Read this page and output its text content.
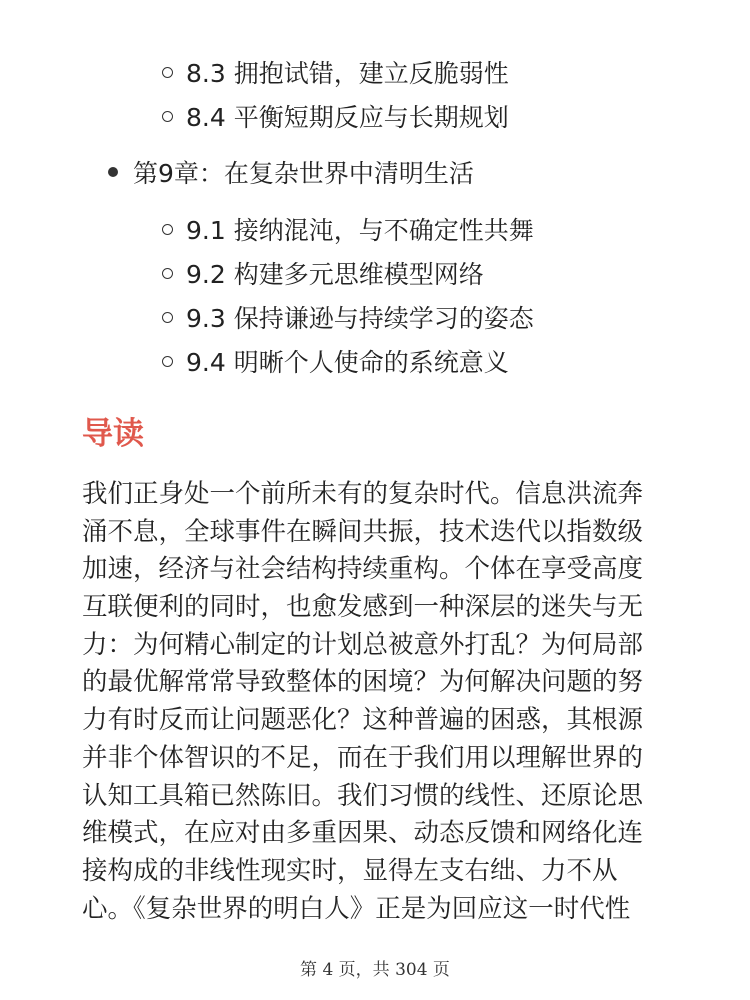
8.3 拥抱试错，建立反脆弱性
8.4 平衡短期反应与长期规划
第9章：在复杂世界中清明生活
9.1 接纳混沌，与不确定性共舞
9.2 构建多元思维模型网络
9.3 保持谦逊与持续学习的姿态
9.4 明晰个人使命的系统意义
导读
我们正身处一个前所未有的复杂时代。信息洪流奔
涌不息，全球事件在瞬间共振，技术迭代以指数级
加速，经济与社会结构持续重构。个体在享受高度
互联便利的同时，也愈发感到一种深层的迷失与无
力：为何精心制定的计划总被意外打乱？为何局部
的最优解常常导致整体的困境？为何解决问题的努
力有时反而让问题恶化？这种普遍的困惑，其根源
并非个体智识的不足，而在于我们用以理解世界的
认知工具箱已然陈旧。我们习惯的线性、还原论思
维模式，在应对由多重因果、动态反馈和网络化连
接构成的非线性现实时，显得左支右绌、力不从
心。《复杂世界的明白人》正是为回应这一时代性
第 4 页，共 304 页
